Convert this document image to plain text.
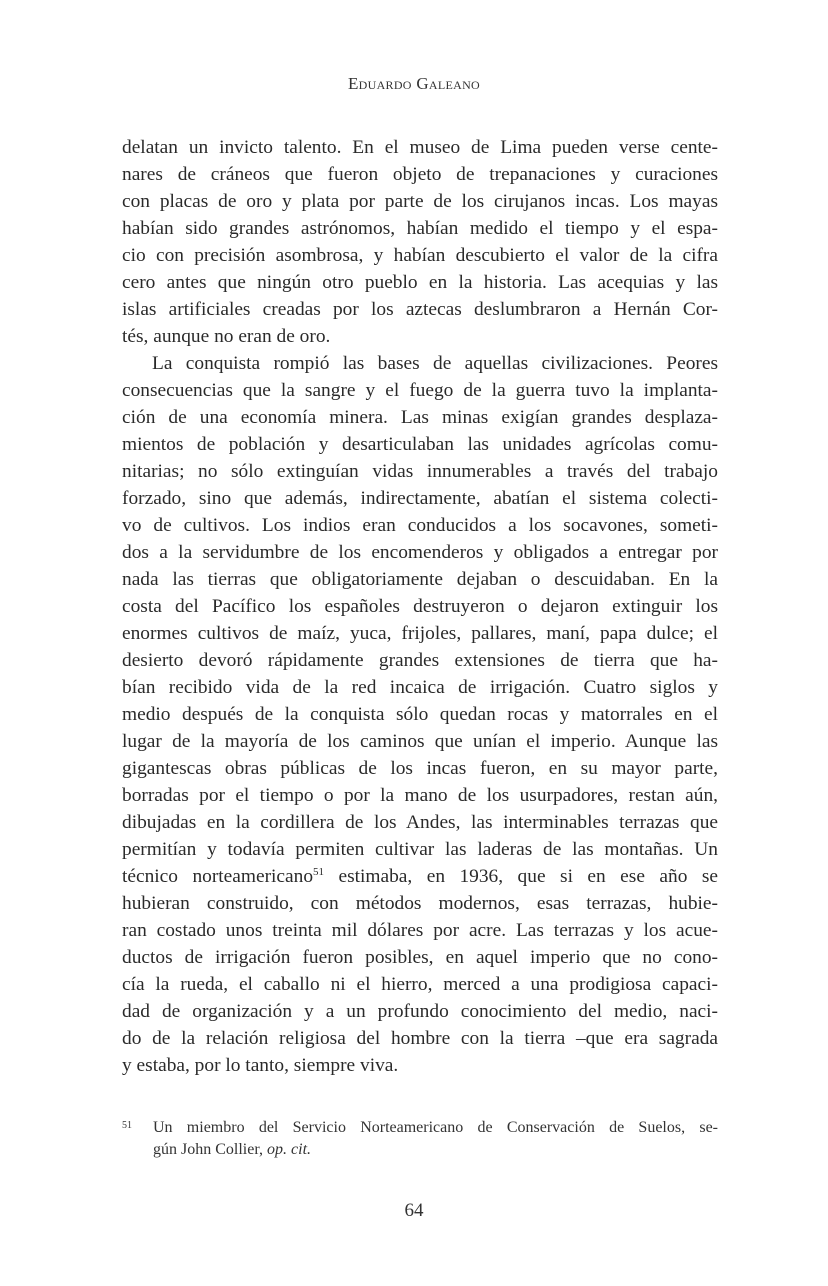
Eduardo Galeano
delatan un invicto talento. En el museo de Lima pueden verse cente-
nares de cráneos que fueron objeto de trepanaciones y curaciones
con placas de oro y plata por parte de los cirujanos incas. Los mayas
habían sido grandes astrónomos, habían medido el tiempo y el espa-
cio con precisión asombrosa, y habían descubierto el valor de la cifra
cero antes que ningún otro pueblo en la historia. Las acequias y las
islas artificiales creadas por los aztecas deslumbraron a Hernán Cor-
tés, aunque no eran de oro.
La conquista rompió las bases de aquellas civilizaciones. Peores
consecuencias que la sangre y el fuego de la guerra tuvo la implanta-
ción de una economía minera. Las minas exigían grandes desplaza-
mientos de población y desarticulaban las unidades agrícolas comu-
nitarias; no sólo extinguían vidas innumerables a través del trabajo
forzado, sino que además, indirectamente, abatían el sistema colecti-
vo de cultivos. Los indios eran conducidos a los socavones, someti-
dos a la servidumbre de los encomenderos y obligados a entregar por
nada las tierras que obligatoriamente dejaban o descuidaban. En la
costa del Pacífico los españoles destruyeron o dejaron extinguir los
enormes cultivos de maíz, yuca, frijoles, pallares, maní, papa dulce; el
desierto devoró rápidamente grandes extensiones de tierra que ha-
bían recibido vida de la red incaica de irrigación. Cuatro siglos y
medio después de la conquista sólo quedan rocas y matorrales en el
lugar de la mayoría de los caminos que unían el imperio. Aunque las
gigantescas obras públicas de los incas fueron, en su mayor parte,
borradas por el tiempo o por la mano de los usurpadores, restan aún,
dibujadas en la cordillera de los Andes, las interminables terrazas que
permitían y todavía permiten cultivar las laderas de las montañas. Un
técnico norteamericano$^{51}$ estimaba, en 1936, que si en ese año se
hubieran construido, con métodos modernos, esas terrazas, hubie-
ran costado unos treinta mil dólares por acre. Las terrazas y los acue-
ductos de irrigación fueron posibles, en aquel imperio que no cono-
cía la rueda, el caballo ni el hierro, merced a una prodigiosa capaci-
dad de organización y a un profundo conocimiento del medio, naci-
do de la relación religiosa del hombre con la tierra –que era sagrada
y estaba, por lo tanto, siempre viva.
51 Un miembro del Servicio Norteamericano de Conservación de Suelos, se-
gún John Collier, op. cit.
64
